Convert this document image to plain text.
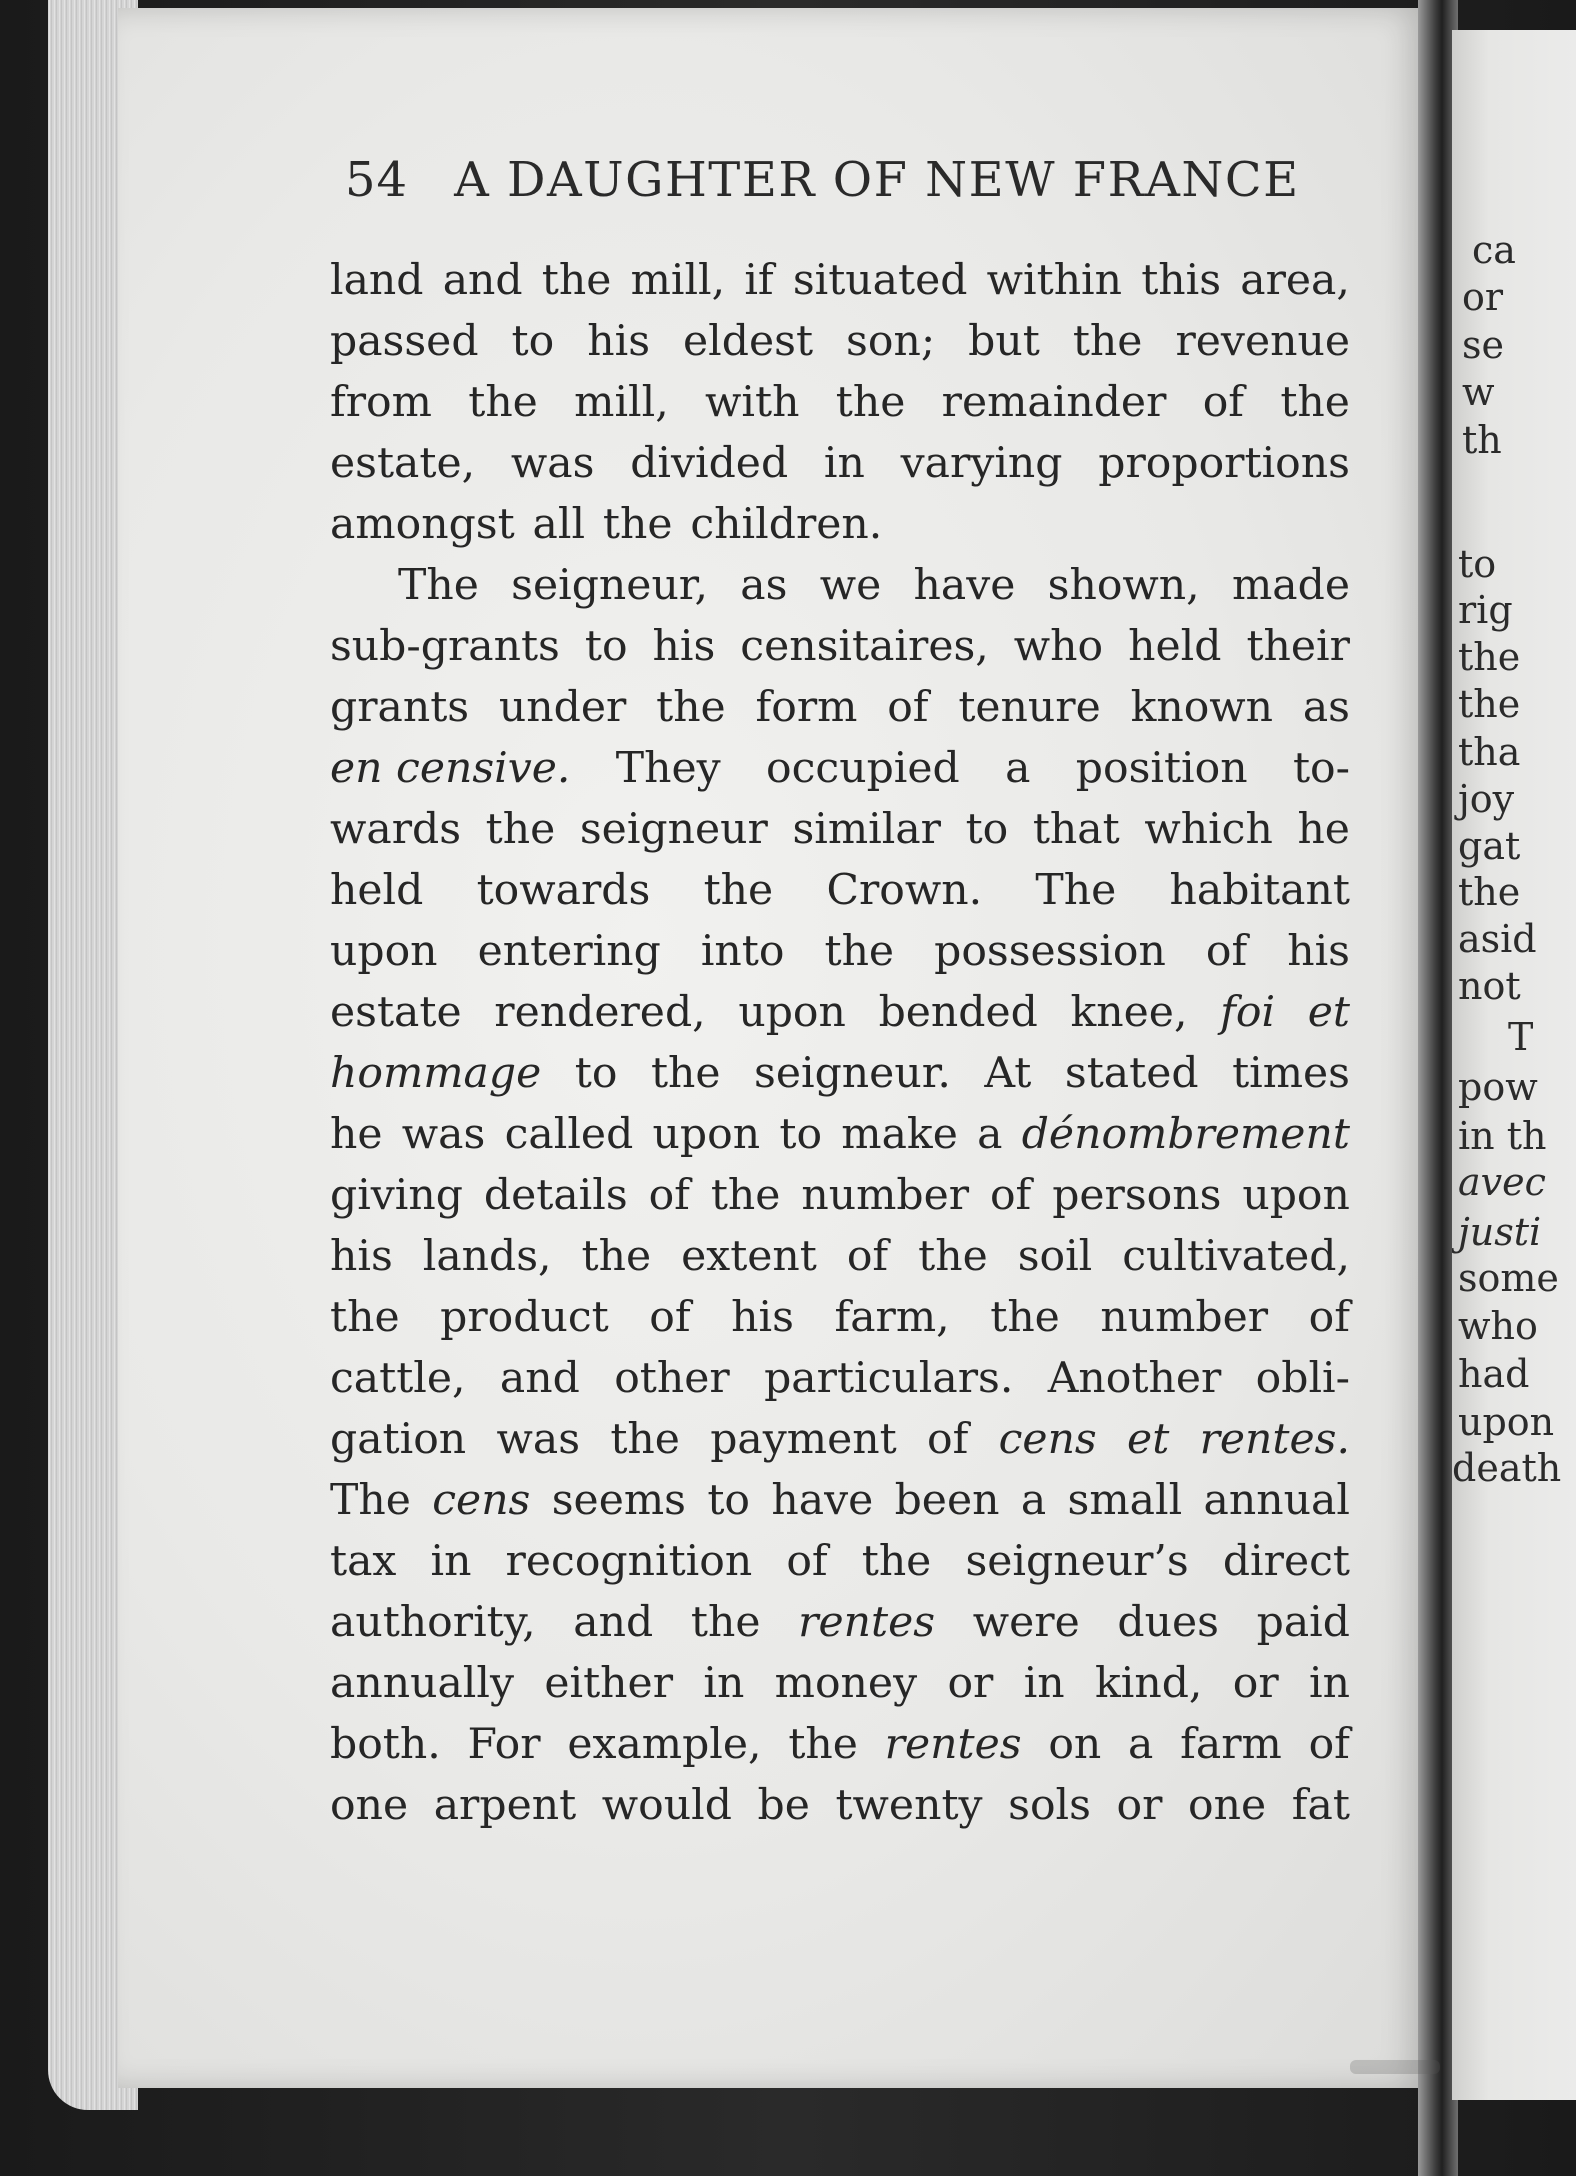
ca
or
se
w
th
to
rig
the
the
tha
joy
gat
the
asid
not
T
pow
in th
avec
justi
some
who
had
upon
death
54 A DAUGHTER OF NEW FRANCE
land and the mill, if situated within this area,
passed to his eldest son; but the revenue
from the mill, with the remainder of the
estate, was divided in varying proportions
amongst all the children.
The seigneur, as we have shown, made
sub-grants to his censitaires, who held their
grants under the form of tenure known as
en censive. They occupied a position to-
wards the seigneur similar to that which he
held towards the Crown. The habitant
upon entering into the possession of his
estate rendered, upon bended knee, foi et
hommage to the seigneur. At stated times
he was called upon to make a dénombrement
giving details of the number of persons upon
his lands, the extent of the soil cultivated,
the product of his farm, the number of
cattle, and other particulars. Another obli-
gation was the payment of cens et rentes.
The cens seems to have been a small annual
tax in recognition of the seigneur’s direct
authority, and the rentes were dues paid
annually either in money or in kind, or in
both. For example, the rentes on a farm of
one arpent would be twenty sols or one fat
